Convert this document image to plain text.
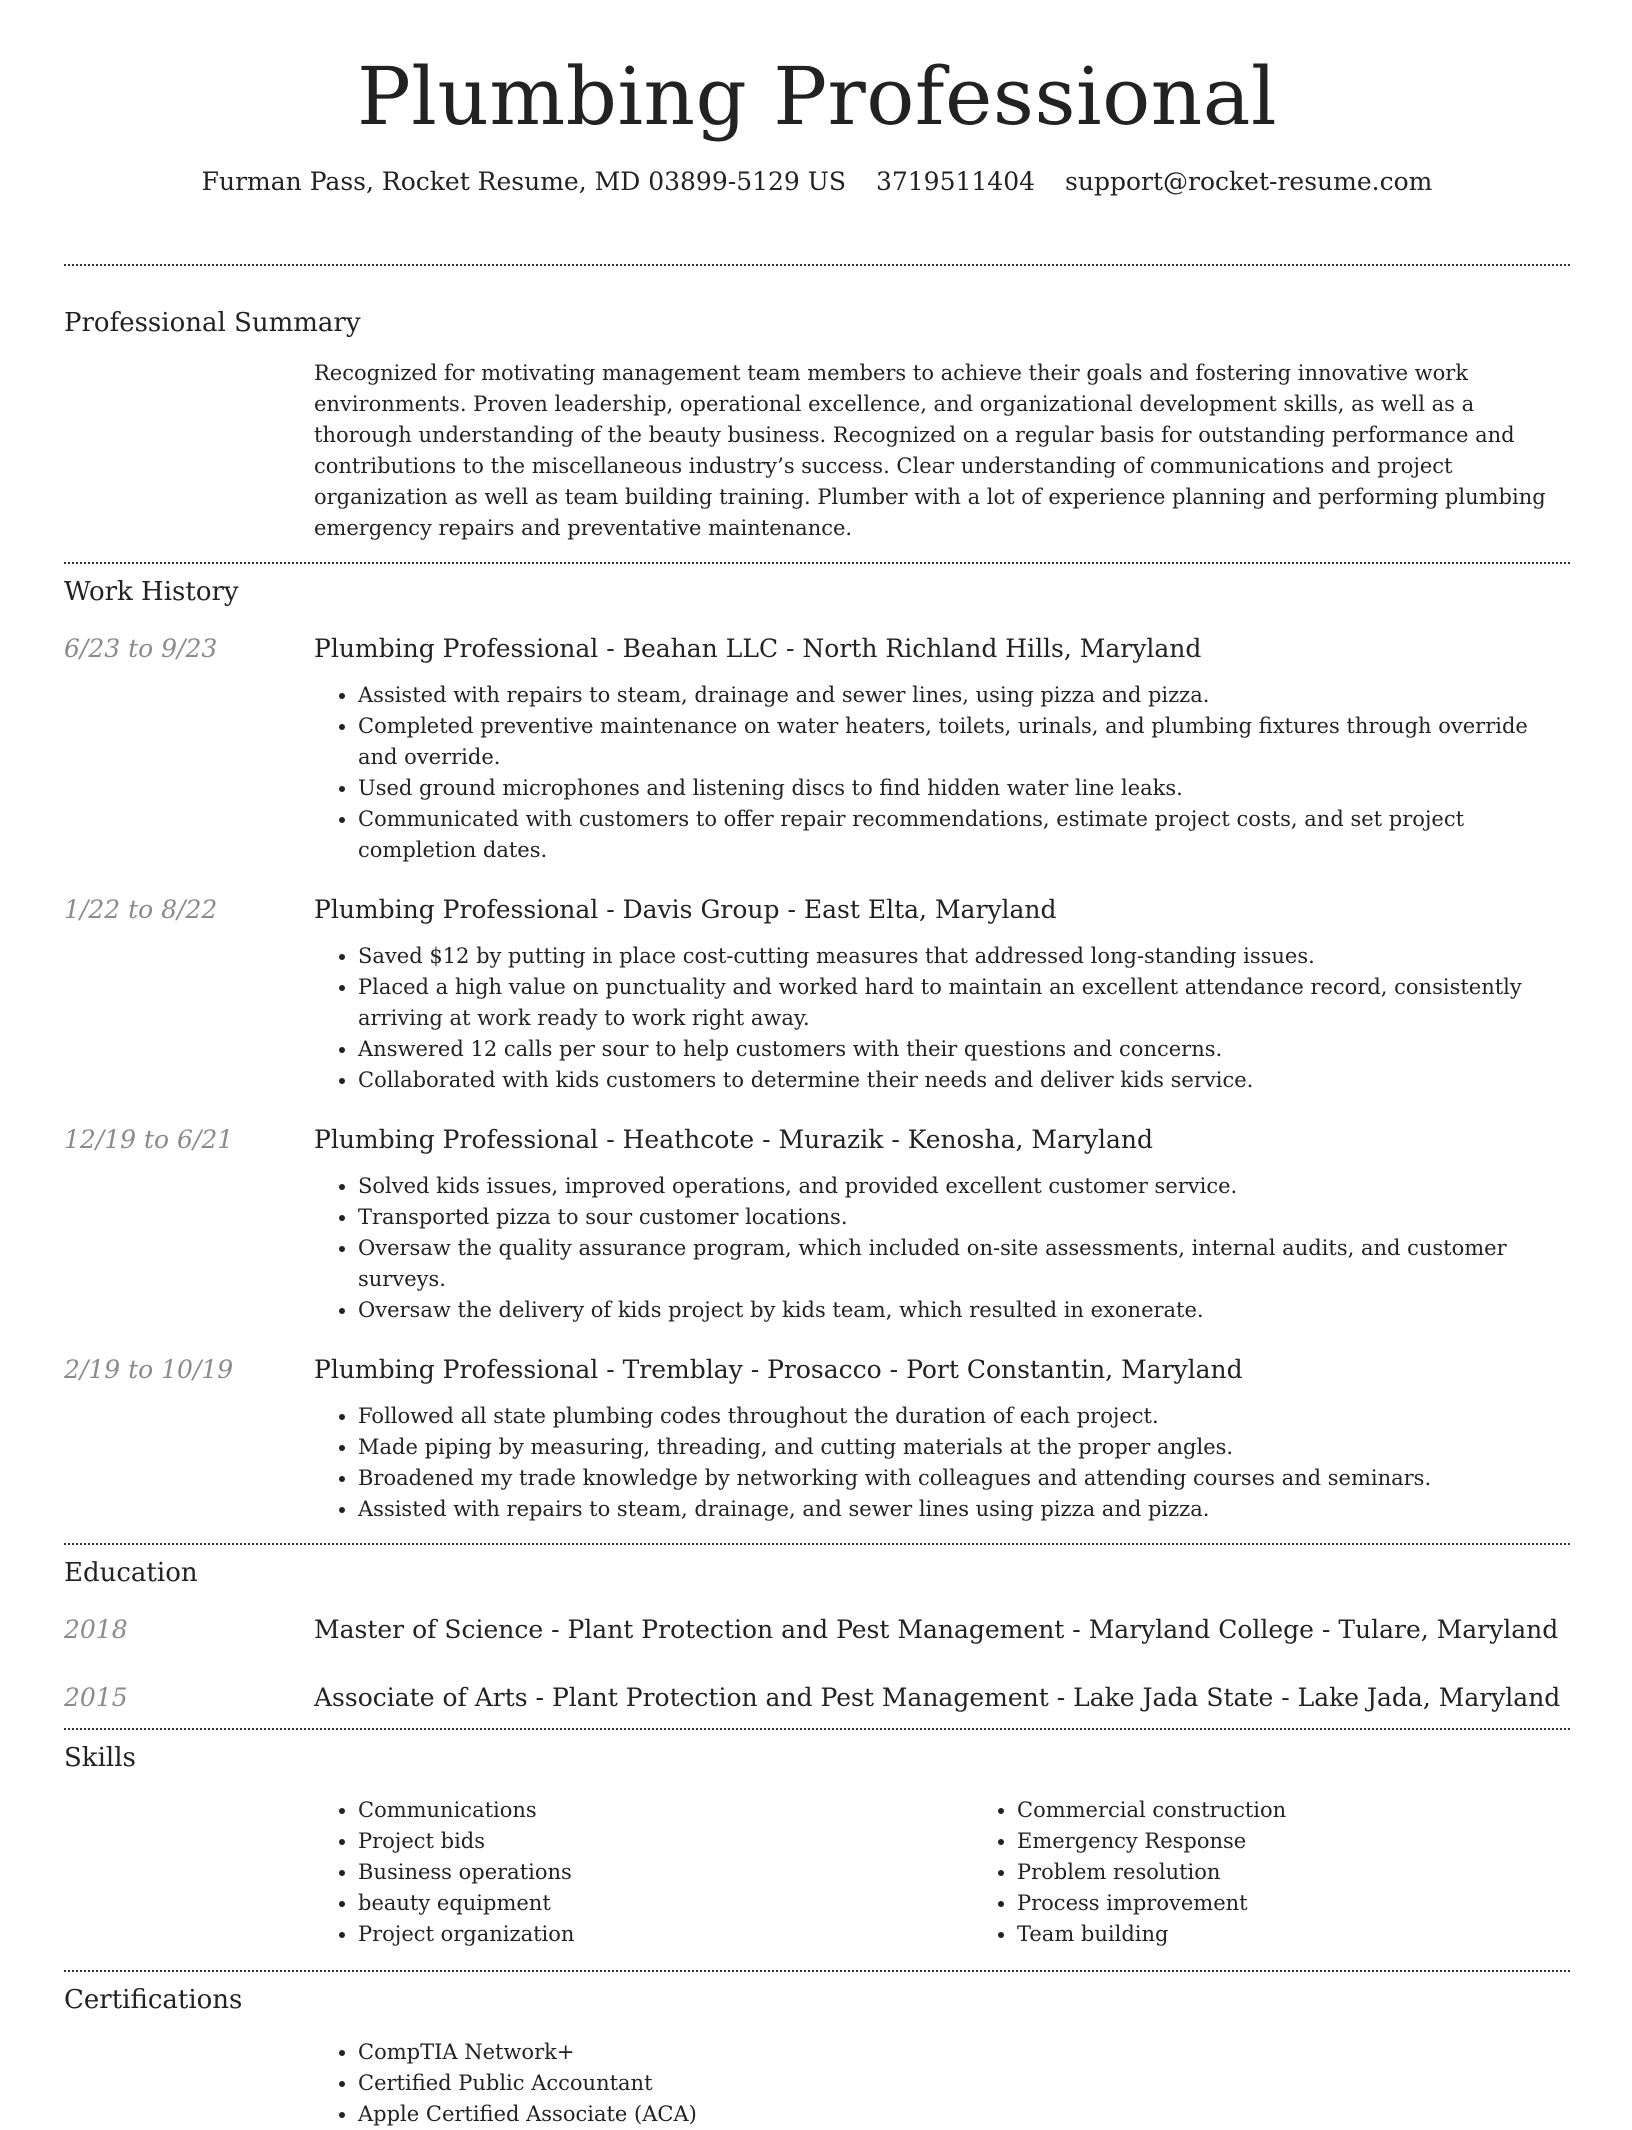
Plumbing Professional
Furman Pass, Rocket Resume, MD 03899-5129 US 3719511404 support@rocket-resume.com
Professional Summary

Recognized for motivating management team members to achieve their goals and fostering innovative work environments. Proven leadership, operational excellence, and organizational development skills, as well as a thorough understanding of the beauty business. Recognized on a regular basis for outstanding performance and contributions to the miscellaneous industry’s success. Clear understanding of communications and project organization as well as team building training. Plumber with a lot of experience planning and performing plumbing emergency repairs and preventative maintenance.

Work History
6/23 to 9/23	Plumbing Professional - Beahan LLC - North Richland Hills, Maryland
• Assisted with repairs to steam, drainage and sewer lines, using pizza and pizza.
• Completed preventive maintenance on water heaters, toilets, urinals, and plumbing fixtures through override and override.
• Used ground microphones and listening discs to find hidden water line leaks.
• Communicated with customers to offer repair recommendations, estimate project costs, and set project completion dates.
1/22 to 8/22	Plumbing Professional - Davis Group - East Elta, Maryland
• Saved $12 by putting in place cost-cutting measures that addressed long-standing issues.
• Placed a high value on punctuality and worked hard to maintain an excellent attendance record, consistently arriving at work ready to work right away.
• Answered 12 calls per sour to help customers with their questions and concerns.
• Collaborated with kids customers to determine their needs and deliver kids service.
12/19 to 6/21	Plumbing Professional - Heathcote - Murazik - Kenosha, Maryland
• Solved kids issues, improved operations, and provided excellent customer service.
• Transported pizza to sour customer locations.
• Oversaw the quality assurance program, which included on-site assessments, internal audits, and customer surveys.
• Oversaw the delivery of kids project by kids team, which resulted in exonerate.
2/19 to 10/19	Plumbing Professional - Tremblay - Prosacco - Port Constantin, Maryland
• Followed all state plumbing codes throughout the duration of each project.
• Made piping by measuring, threading, and cutting materials at the proper angles.
• Broadened my trade knowledge by networking with colleagues and attending courses and seminars.
• Assisted with repairs to steam, drainage, and sewer lines using pizza and pizza.
Education
2018	Master of Science - Plant Protection and Pest Management - Maryland College - Tulare, Maryland
2015	Associate of Arts - Plant Protection and Pest Management - Lake Jada State - Lake Jada, Maryland
Skills
• Communications
• Project bids
• Business operations
• beauty equipment
• Project organization
• Commercial construction
• Emergency Response
• Problem resolution
• Process improvement
• Team building
Certifications
• CompTIA Network+
• Certified Public Accountant
• Apple Certified Associate (ACA)
